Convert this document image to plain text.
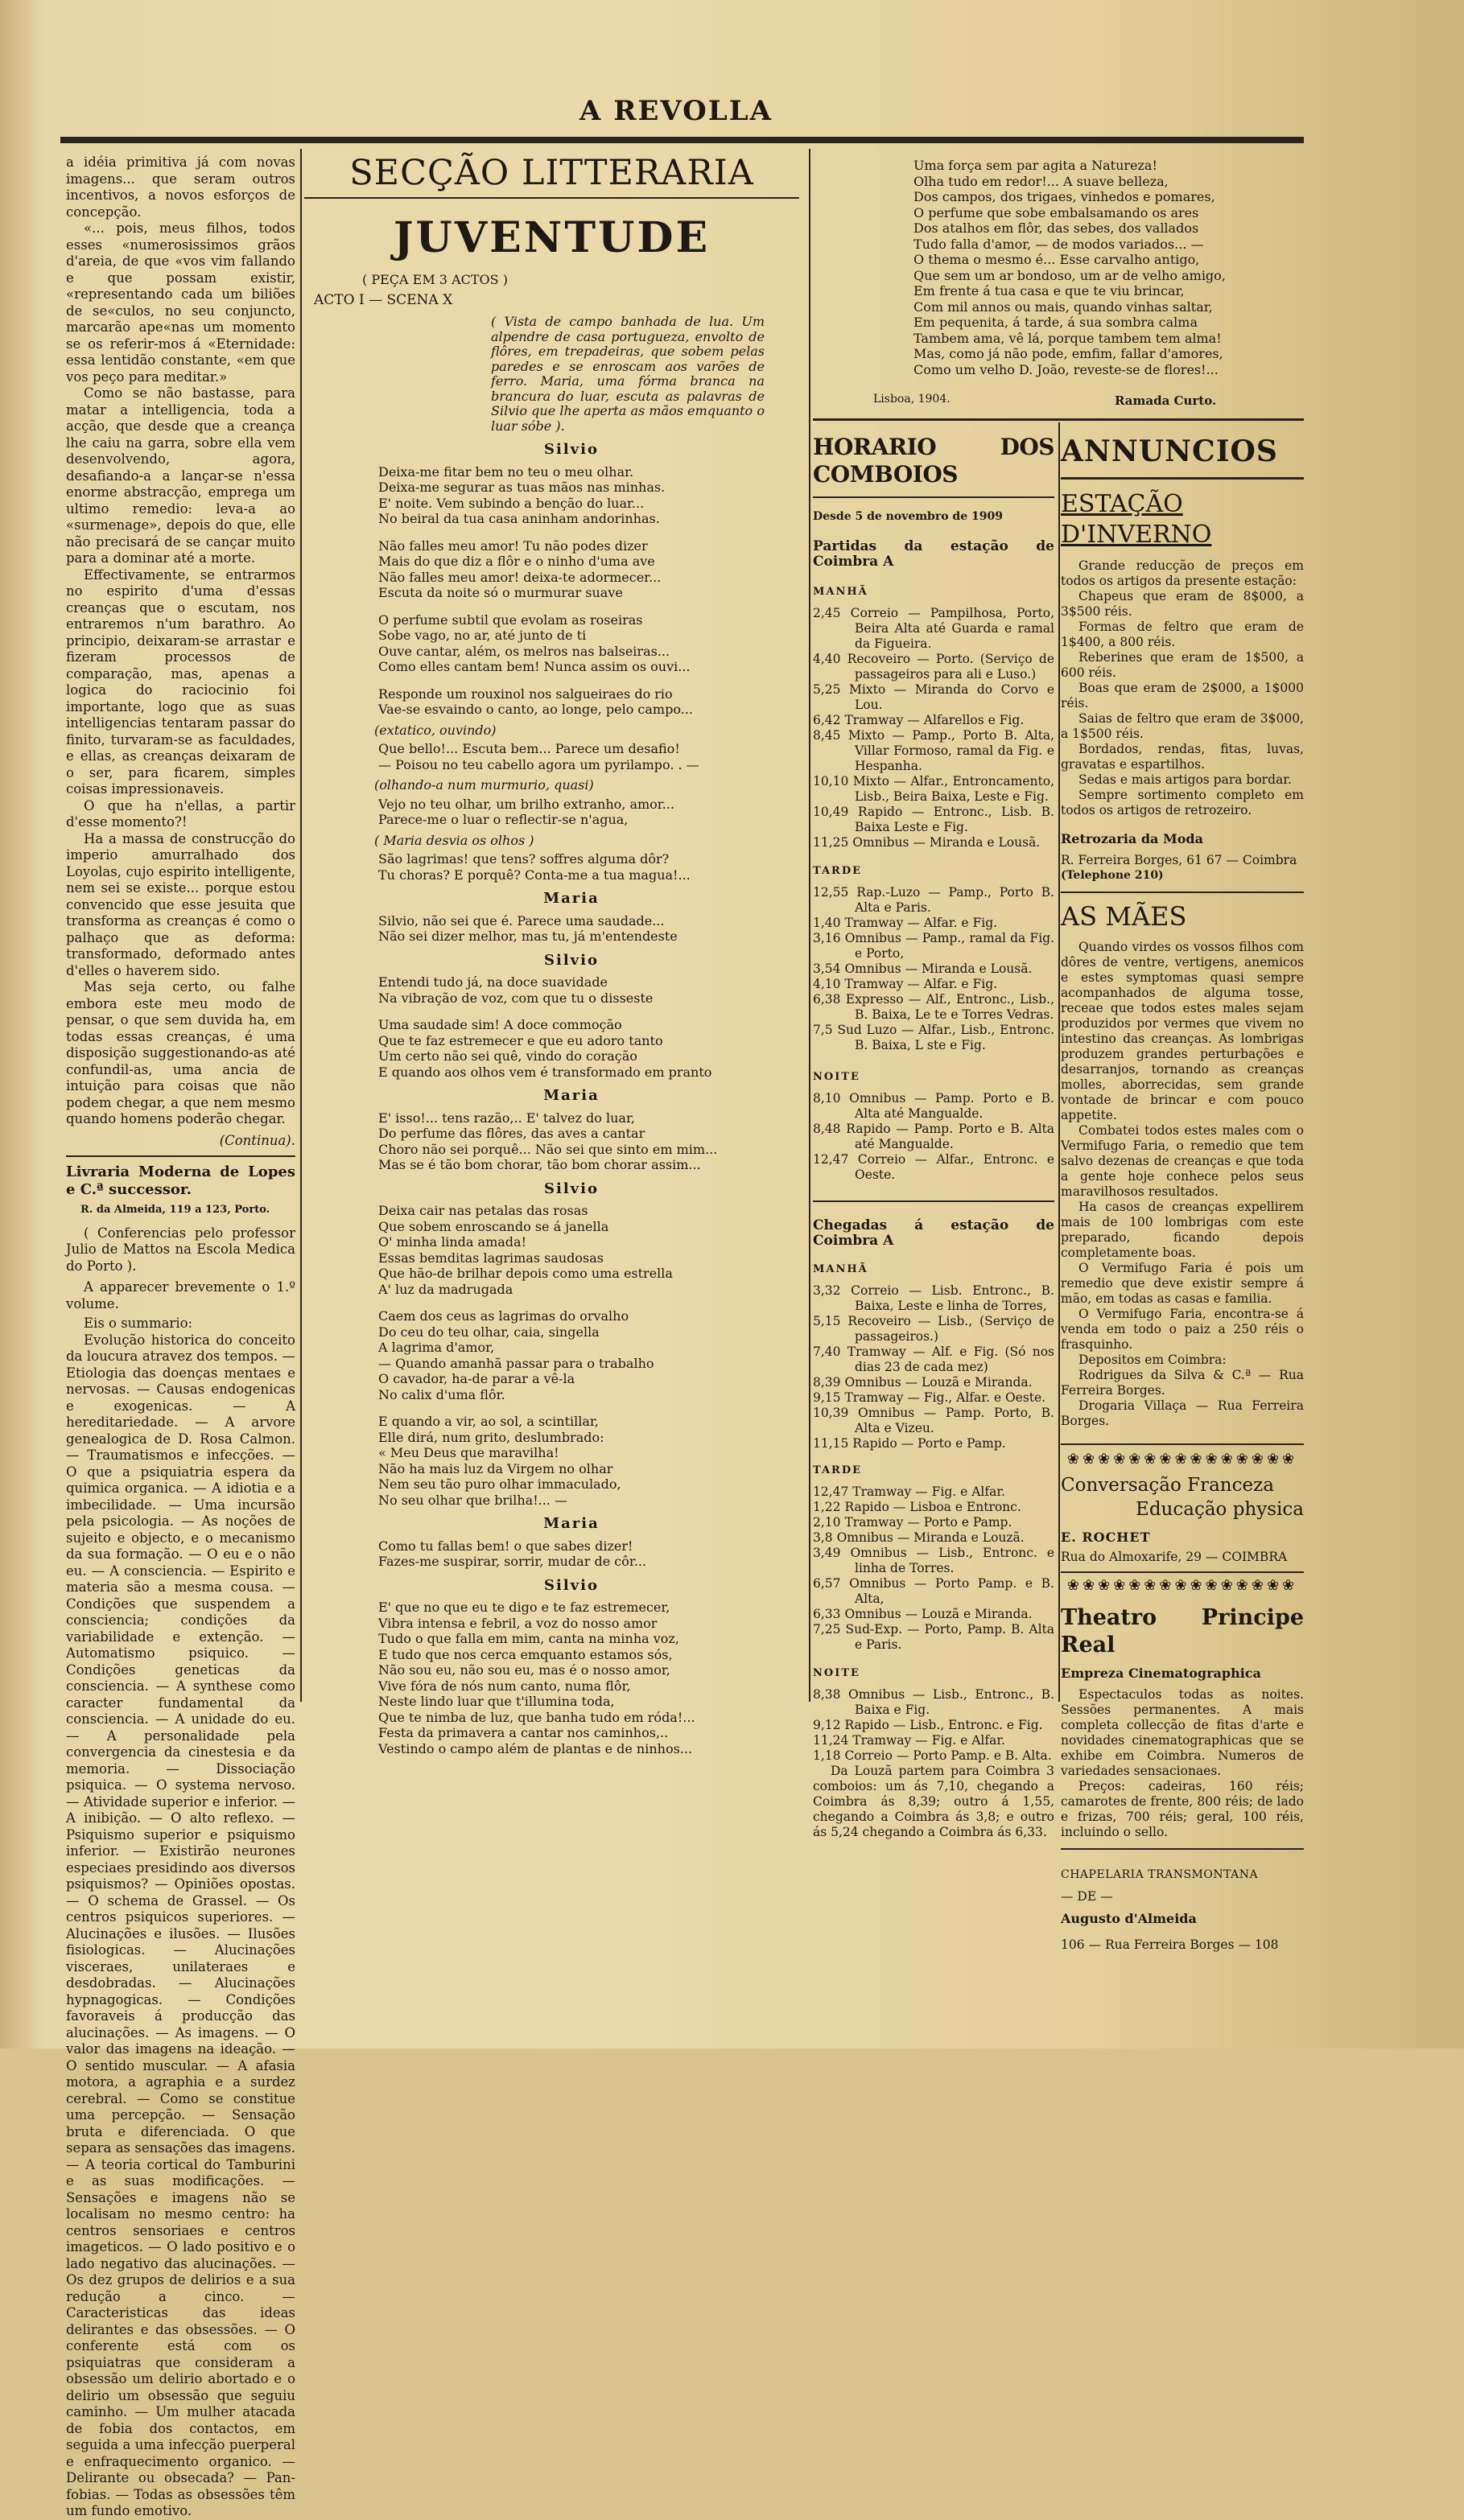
A REVOLLA

a idéia primitiva já com novas imagens... que seram outros incentivos, a novos esforços de concepção.

«... pois, meus filhos, todos esses «numerosissimos grãos d'areia, de que «vos vim fallando e que possam existir, «representando cada um biliões de se«culos, no seu conjuncto, marcarão ape«nas um momento se os referir-mos á «Eternidade: essa lentidão constante, «em que vos peço para meditar.»

Como se não bastasse, para matar a intelligencia, toda a acção, que desde que a creança lhe caiu na garra, sobre ella vem desenvolvendo, agora, desafiando-a a lançar-se n'essa enorme abstracção, emprega um ultimo remedio: leva-a ao «surmenage», depois do que, elle não precisará de se cançar muito para a dominar até a morte.

Effectivamente, se entrarmos no espirito d'uma d'essas creanças que o escutam, nos entraremos n'um barathro. Ao principio, deixaram-se arrastar e fizeram processos de comparação, mas, apenas a logica do raciocinio foi importante, logo que as suas intelligencias tentaram passar do finito, turvaram-se as faculdades, e ellas, as creanças deixaram de o ser, para ficarem, simples coisas impressionaveis.

O que ha n'ellas, a partir d'esse momento?!

Ha a massa de construcção do imperio amurralhado dos Loyolas, cujo espirito intelligente, nem sei se existe... porque estou convencido que esse jesuita que transforma as creanças é como o palhaço que as deforma: transformado, deformado antes d'elles o haverem sido.

Mas seja certo, ou falhe embora este meu modo de pensar, o que sem duvida ha, em todas essas creanças, é uma disposição suggestionando-as até confundil-as, uma ancia de intuição para coisas que não podem chegar, a que nem mesmo quando homens poderão chegar.

(Continua).

Livraria Moderna de Lopes e C.ª successor.

R. da Almeida, 119 a 123, Porto.

( Conferencias pelo professor Julio de Mattos na Escola Medica do Porto ).

A apparecer brevemente o 1.º volume.

Eis o summario:

Evolução historica do conceito da loucura atravez dos tempos. — Etiologia das doenças mentaes e nervosas. — Causas endogenicas e exogenicas. — A hereditariedade. — A arvore genealogica de D. Rosa Calmon. — Traumatismos e infecções. — O que a psiquiatria espera da quimica organica. — A idiotia e a imbecilidade. — Uma incursão pela psicologia. — As noções de sujeito e objecto, e o mecanismo da sua formação. — O eu e o não eu. — A consciencia. — Espirito e materia são a mesma cousa. — Condições que suspendem a consciencia; condições da variabilidade e extenção. — Automatismo psiquico. — Condições geneticas da consciencia. — A synthese como caracter fundamental da consciencia. — A unidade do eu. — A personalidade pela convergencia da cinestesia e da memoria. — Dissociação psiquica. — O systema nervoso. — Atividade superior e inferior. — A inibição. — O alto reflexo. — Psiquismo superior e psiquismo inferior. — Existirão neurones especiaes presidindo aos diversos psiquismos? — Opiniões opostas. — O schema de Grassel. — Os centros psiquicos superiores. — Alucinações e ilusões. — Ilusões fisiologicas. — Alucinações visceraes, unilateraes e desdobradas. — Alucinações hypnagogicas. — Condições favoraveis á producção das alucinações. — As imagens. — O valor das imagens na ideação. — O sentido muscular. — A afasia motora, a agraphia e a surdez cerebral. — Como se constitue uma percepção. — Sensação bruta e diferenciada. O que separa as sensações das imagens. — A teoria cortical do Tamburini e as suas modificações. — Sensações e imagens não se localisam no mesmo centro: ha centros sensoriaes e centros imageticos. — O lado positivo e o lado negativo das alucinações. — Os dez grupos de delirios e a sua redução a cinco. — Caracteristicas das ideas delirantes e das obsessões. — O conferente está com os psiquiatras que consideram a obsessão um delirio abortado e o delirio um obsessão que seguiu caminho. — Um mulher atacada de fobia dos contactos, em seguida a uma infecção puerperal e enfraquecimento organico. — Delirante ou obsecada? — Pan-fobias. — Todas as obsessões têm um fundo emotivo.

SECÇÃO LITTERARIA
JUVENTUDE

( PEÇA EM 3 ACTOS )

ACTO I — SCENA X

( Vista de campo banhada de lua. Um alpendre de casa portugueza, envolto de flôres, em trepadeiras, que sobem pelas paredes e se enroscam aos varões de ferro. Maria, uma fórma branca na brancura do luar, escuta as palavras de Silvio que lhe aperta as mãos emquanto o luar sóbe ).

Silvio

Deixa-me fitar bem no teu o meu olhar.

Deixa-me segurar as tuas mãos nas minhas.

E' noite. Vem subindo a benção do luar...

No beiral da tua casa aninham andorinhas.

Não falles meu amor! Tu não podes dizer

Mais do que diz a flôr e o ninho d'uma ave

Não falles meu amor! deixa-te adormecer...

Escuta da noite só o murmurar suave

O perfume subtil que evolam as roseiras

Sobe vago, no ar, até junto de ti

Ouve cantar, além, os melros nas balseiras...

Como elles cantam bem! Nunca assim os ouvi...

Responde um rouxinol nos salgueiraes do rio

Vae-se esvaindo o canto, ao longe, pelo campo...

(extatico, ouvindo)

Que bello!... Escuta bem... Parece um desafio!

— Poisou no teu cabello agora um pyrilampo. . —

(olhando-a num murmurio, quasi)

Vejo no teu olhar, um brilho extranho, amor...

Parece-me o luar o reflectir-se n'agua,

( Maria desvia os olhos )

São lagrimas! que tens? soffres alguma dôr?

Tu choras? E porquê? Conta-me a tua magua!...

Maria

Silvio, não sei que é. Parece uma saudade...

Não sei dizer melhor, mas tu, já m'entendeste

Silvio

Entendi tudo já, na doce suavidade

Na vibração de voz, com que tu o disseste

Uma saudade sim! A doce commoção

Que te faz estremecer e que eu adoro tanto

Um certo não sei quê, vindo do coração

E quando aos olhos vem é transformado em pranto

Maria

E' isso!... tens razão,.. E' talvez do luar,

Do perfume das flôres, das aves a cantar

Choro não sei porquê... Não sei que sinto em mim...

Mas se é tão bom chorar, tão bom chorar assim...

Silvio

Deixa cair nas petalas das rosas

Que sobem enroscando se á janella

O' minha linda amada!

Essas bemditas lagrimas saudosas

Que hão-de brilhar depois como uma estrella

A' luz da madrugada

Caem dos ceus as lagrimas do orvalho

Do ceu do teu olhar, caia, singella

A lagrima d'amor,

— Quando amanhã passar para o trabalho

O cavador, ha-de parar a vê-la

No calix d'uma flôr.

E quando a vir, ao sol, a scintillar,

Elle dirá, num grito, deslumbrado:

« Meu Deus que maravilha!

Não ha mais luz da Virgem no olhar

Nem seu tão puro olhar immaculado,

No seu olhar que brilha!... —

Maria

Como tu fallas bem! o que sabes dizer!

Fazes-me suspirar, sorrir, mudar de côr...

Silvio

E' que no que eu te digo e te faz estremecer,

Vibra intensa e febril, a voz do nosso amor

Tudo o que falla em mim, canta na minha voz,

E tudo que nos cerca emquanto estamos sós,

Não sou eu, não sou eu, mas é o nosso amor,

Vive fóra de nós num canto, numa flôr,

Neste lindo luar que t'illumina toda,

Que te nimba de luz, que banha tudo em róda!...

Festa da primavera a cantar nos caminhos,..

Vestindo o campo além de plantas e de ninhos...

Uma força sem par agita a Natureza!

Olha tudo em redor!... A suave belleza,

Dos campos, dos trigaes, vinhedos e pomares,

O perfume que sobe embalsamando os ares

Dos atalhos em flôr, das sebes, dos vallados

Tudo falla d'amor, — de modos variados... —

O thema o mesmo é... Esse carvalho antigo,

Que sem um ar bondoso, um ar de velho amigo,

Em frente á tua casa e que te viu brincar,

Com mil annos ou mais, quando vinhas saltar,

Em pequenita, á tarde, á sua sombra calma

Tambem ama, vê lá, porque tambem tem alma!

Mas, como já não pode, emfim, fallar d'amores,

Como um velho D. João, reveste-se de flores!...

Lisboa, 1904.	Ramada Curto.

HORARIO DOS COMBOIOS

Desde 5 de novembro de 1909

Partidas da estação de Coimbra A

MANHÃ

2,45 Correio — Pampilhosa, Porto, Beira Alta até Guarda e ramal da Figueira.

4,40 Recoveiro — Porto. (Serviço de passageiros para ali e Luso.)

5,25 Mixto — Miranda do Corvo e Lou.

6,42 Tramway — Alfarellos e Fig.

8,45 Mixto — Pamp., Porto B. Alta, Villar Formoso, ramal da Fig. e Hespanha.

10,10 Mixto — Alfar., Entroncamento, Lisb., Beira Baixa, Leste e Fig.

10,49 Rapido — Entronc., Lisb. B. Baixa Leste e Fig.

11,25 Omnibus — Miranda e Lousã.

TARDE

12,55 Rap.-Luzo — Pamp., Porto B. Alta e Paris.

1,40 Tramway — Alfar. e Fig.

3,16 Omnibus — Pamp., ramal da Fig. e Porto,

3,54 Omnibus — Miranda e Lousã.

4,10 Tramway — Alfar. e Fig.

6,38 Expresso — Alf., Entronc., Lisb., B. Baixa, Le te e Torres Vedras.

7,5 Sud Luzo — Alfar., Lisb., Entronc. B. Baixa, L ste e Fig.

NOITE

8,10 Omnibus — Pamp. Porto e B. Alta até Mangualde.

8,48 Rapido — Pamp. Porto e B. Alta até Mangualde.

12,47 Correio — Alfar., Entronc. e Oeste.

Chegadas á estação de Coimbra A

MANHÃ

3,32 Correio — Lisb. Entronc., B. Baixa, Leste e linha de Torres,

5,15 Recoveiro — Lisb., (Serviço de passageiros.)

7,40 Tramway — Alf. e Fig. (Só nos dias 23 de cada mez)

8,39 Omnibus — Louzã e Miranda.

9,15 Tramway — Fig., Alfar. e Oeste.

10,39 Omnibus — Pamp. Porto, B. Alta e Vizeu.

11,15 Rapido — Porto e Pamp.

TARDE

12,47 Tramway — Fig. e Alfar.

1,22 Rapido — Lisboa e Entronc.

2,10 Tramway — Porto e Pamp.

3,8 Omnibus — Miranda e Louzã.

3,49 Omnibus — Lisb., Entronc. e linha de Torres.

6,57 Omnibus — Porto Pamp. e B. Alta,

6,33 Omnibus — Louzã e Miranda.

7,25 Sud-Exp. — Porto, Pamp. B. Alta e Paris.

NOITE

8,38 Omnibus — Lisb., Entronc., B. Baixa e Fig.

9,12 Rapido — Lisb., Entronc. e Fig.

11,24 Tramway — Fig. e Alfar.

1,18 Correio — Porto Pamp. e B. Alta.

Da Louzã partem para Coimbra 3 comboios: um ás 7,10, chegando a Coimbra ás 8,39; outro á 1,55, chegando a Coimbra ás 3,8; e outro ás 5,24 chegando a Coimbra ás 6,33.

ANNUNCIOS

ESTAÇÃO D'INVERNO

Grande reducção de preços em todos os artigos da presente estação:

Chapeus que eram de 8$000, a 3$500 réis.

Formas de feltro que eram de 1$400, a 800 réis.

Reberines que eram de 1$500, a 600 réis.

Boas que eram de 2$000, a 1$000 réis.

Saias de feltro que eram de 3$000, a 1$500 réis.

Bordados, rendas, fitas, luvas, gravatas e espartilhos.

Sedas e mais artigos para bordar.

Sempre sortimento completo em todos os artigos de retrozeiro.

Retrozaria da Moda

R. Ferreira Borges, 61 67 — Coimbra

(Telephone 210)

AS MÃES

Quando virdes os vossos filhos com dôres de ventre, vertigens, anemicos e estes symptomas quasi sempre acompanhados de alguma tosse, receae que todos estes males sejam produzidos por vermes que vivem no intestino das creanças. As lombrigas produzem grandes perturbações e desarranjos, tornando as creanças molles, aborrecidas, sem grande vontade de brincar e com pouco appetite.

Combatei todos estes males com o Vermifugo Faria, o remedio que tem salvo dezenas de creanças e que toda a gente hoje conhece pelos seus maravilhosos resultados.

Ha casos de creanças expellirem mais de 100 lombrigas com este preparado, ficando depois completamente boas.

O Vermifugo Faria é pois um remedio que deve existir sempre á mão, em todas as casas e familia.

O Vermifugo Faria, encontra-se á venda em todo o paiz a 250 réis o frasquinho.

Depositos em Coimbra:

Rodrigues da Silva & C.ª — Rua Ferreira Borges.

Drogaria Villaça — Rua Ferreira Borges.

❀❀❀❀❀❀❀❀❀❀❀❀❀❀❀

Conversação Franceza

Educação physica

E. ROCHET

Rua do Almoxarife, 29 — COIMBRA

❀❀❀❀❀❀❀❀❀❀❀❀❀❀❀

Theatro Principe Real

Empreza Cinematographica

Espectaculos todas as noites. Sessões permanentes. A mais completa collecção de fitas d'arte e novidades cinematographicas que se exhibe em Coimbra. Numeros de variedades sensacionaes.

Preços: cadeiras, 160 réis; camarotes de frente, 800 réis; de lado e frizas, 700 réis; geral, 100 réis, incluindo o sello.

CHAPELARIA TRANSMONTANA

— DE —

Augusto d'Almeida

106 — Rua Ferreira Borges — 108
